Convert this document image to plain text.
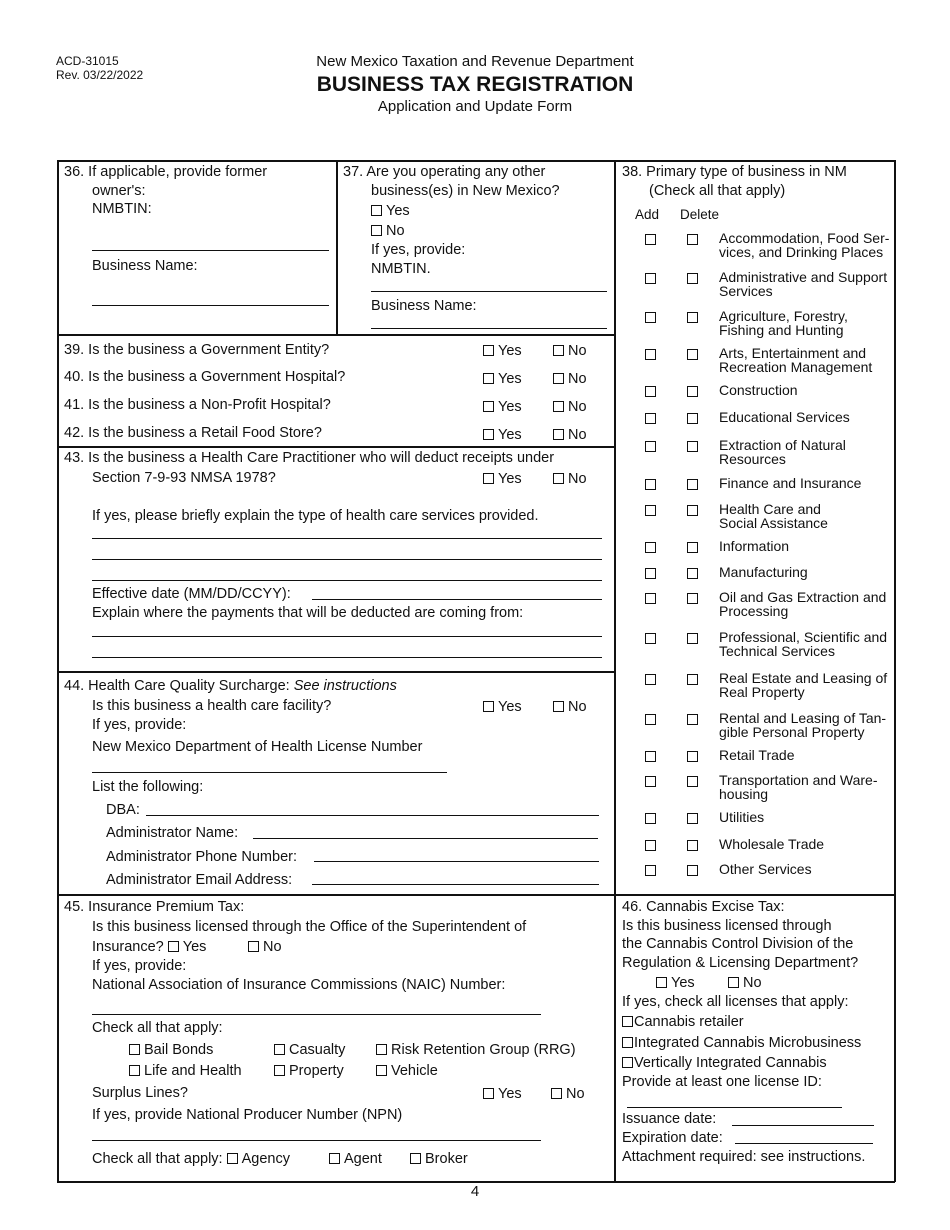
ACD-31015
Rev. 03/22/2022
New Mexico Taxation and Revenue Department
BUSINESS TAX REGISTRATION
Application and Update Form
36. If applicable, provide former
owner's:
NMBTIN:
Business Name:
37. Are you operating any other
business(es) in New Mexico?
Yes
No
If yes, provide:
NMBTIN.
Business Name:
39. Is the business a Government Entity?	Yes	No
40. Is the business a Government Hospital?	Yes	No
41. Is the business a Non-Profit Hospital?	Yes	No
42. Is the business a Retail Food Store?	Yes	No
43. Is the business a Health Care Practitioner who will deduct receipts under
Section 7-9-93 NMSA 1978?	Yes	No
If yes, please briefly explain the type of health care services provided.
Effective date (MM/DD/CCYY):
Explain where the payments that will be deducted are coming from:
44. Health Care Quality Surcharge: See instructions
Is this business a health care facility?	Yes	No
If yes, provide:
New Mexico Department of Health License Number
List the following:
DBA:
Administrator Name:
Administrator Phone Number:
Administrator Email Address:
45. Insurance Premium Tax:
Is this business licensed through the Office of the Superintendent of
Insurance? Yes	No
If yes, provide:
National Association of Insurance Commissions (NAIC) Number:
Check all that apply:
Bail Bonds	Casualty	Risk Retention Group (RRG)
Life and Health	Property	Vehicle
Surplus Lines?	Yes	No
If yes, provide National Producer Number (NPN)
Check all that apply: Agency	Agent	Broker
38. Primary type of business in NM
(Check all that apply)
Add Delete
Accommodation, Food Ser-
vices, and Drinking Places
Administrative and Support
Services
Agriculture, Forestry,
Fishing and Hunting
Arts, Entertainment and
Recreation Management
Construction
Educational Services
Extraction of Natural
Resources
Finance and Insurance
Health Care and
Social Assistance
Information
Manufacturing
Oil and Gas Extraction and
Processing
Professional, Scientific and
Technical Services
Real Estate and Leasing of
Real Property
Rental and Leasing of Tan-
gible Personal Property
Retail Trade
Transportation and Ware-
housing
Utilities
Wholesale Trade
Other Services
46. Cannabis Excise Tax:
Is this business licensed through
the Cannabis Control Division of the
Regulation & Licensing Department?
Yes	No
If yes, check all licenses that apply:
Cannabis retailer
Integrated Cannabis Microbusiness
Vertically Integrated Cannabis
Provide at least one license ID:
Issuance date:
Expiration date:
Attachment required: see instructions.
4
